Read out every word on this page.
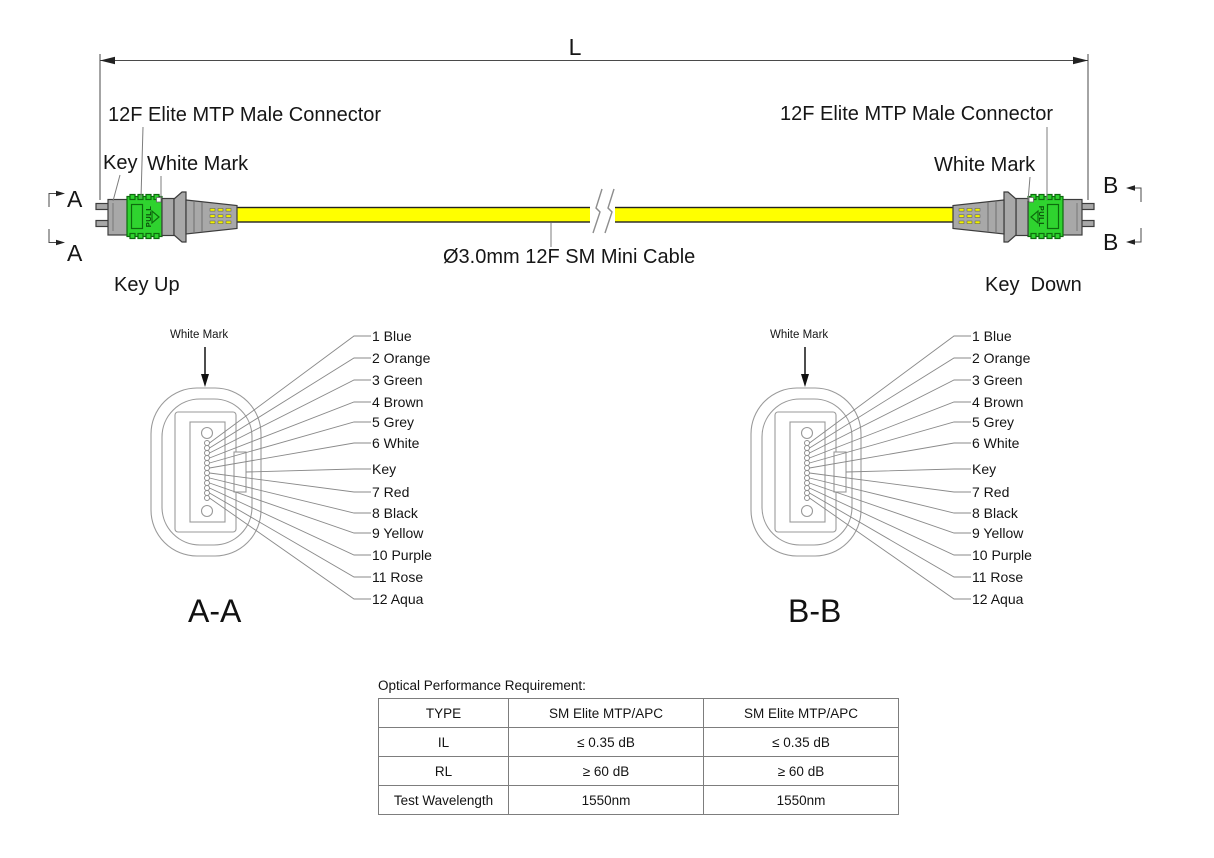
PULL	PULL
L
12F Elite MTP Male Connector	12F Elite MTP Male Connector
Key White Mark	White Mark
Ø3.0mm 12F SM Mini Cable
Key Up	Key  Down
A
A
B
B
White Mark	1 Blue
2 Orange
3 Green
4 Brown
5 Grey
6 White
Key
7 Red
8 Black
9 Yellow
10 Purple
11 Rose
12 Aqua
A-A
White Mark	1 Blue
2 Orange
3 Green
4 Brown
5 Grey
6 White
Key
7 Red
8 Black
9 Yellow
10 Purple
11 Rose
12 Aqua
B-B
Optical Performance Requirement:
TYPE	SM Elite MTP/APC	SM Elite MTP/APC
IL	≤ 0.35 dB	≤ 0.35 dB
RL	≥ 60 dB	≥ 60 dB
Test Wavelength	1550nm	1550nm
